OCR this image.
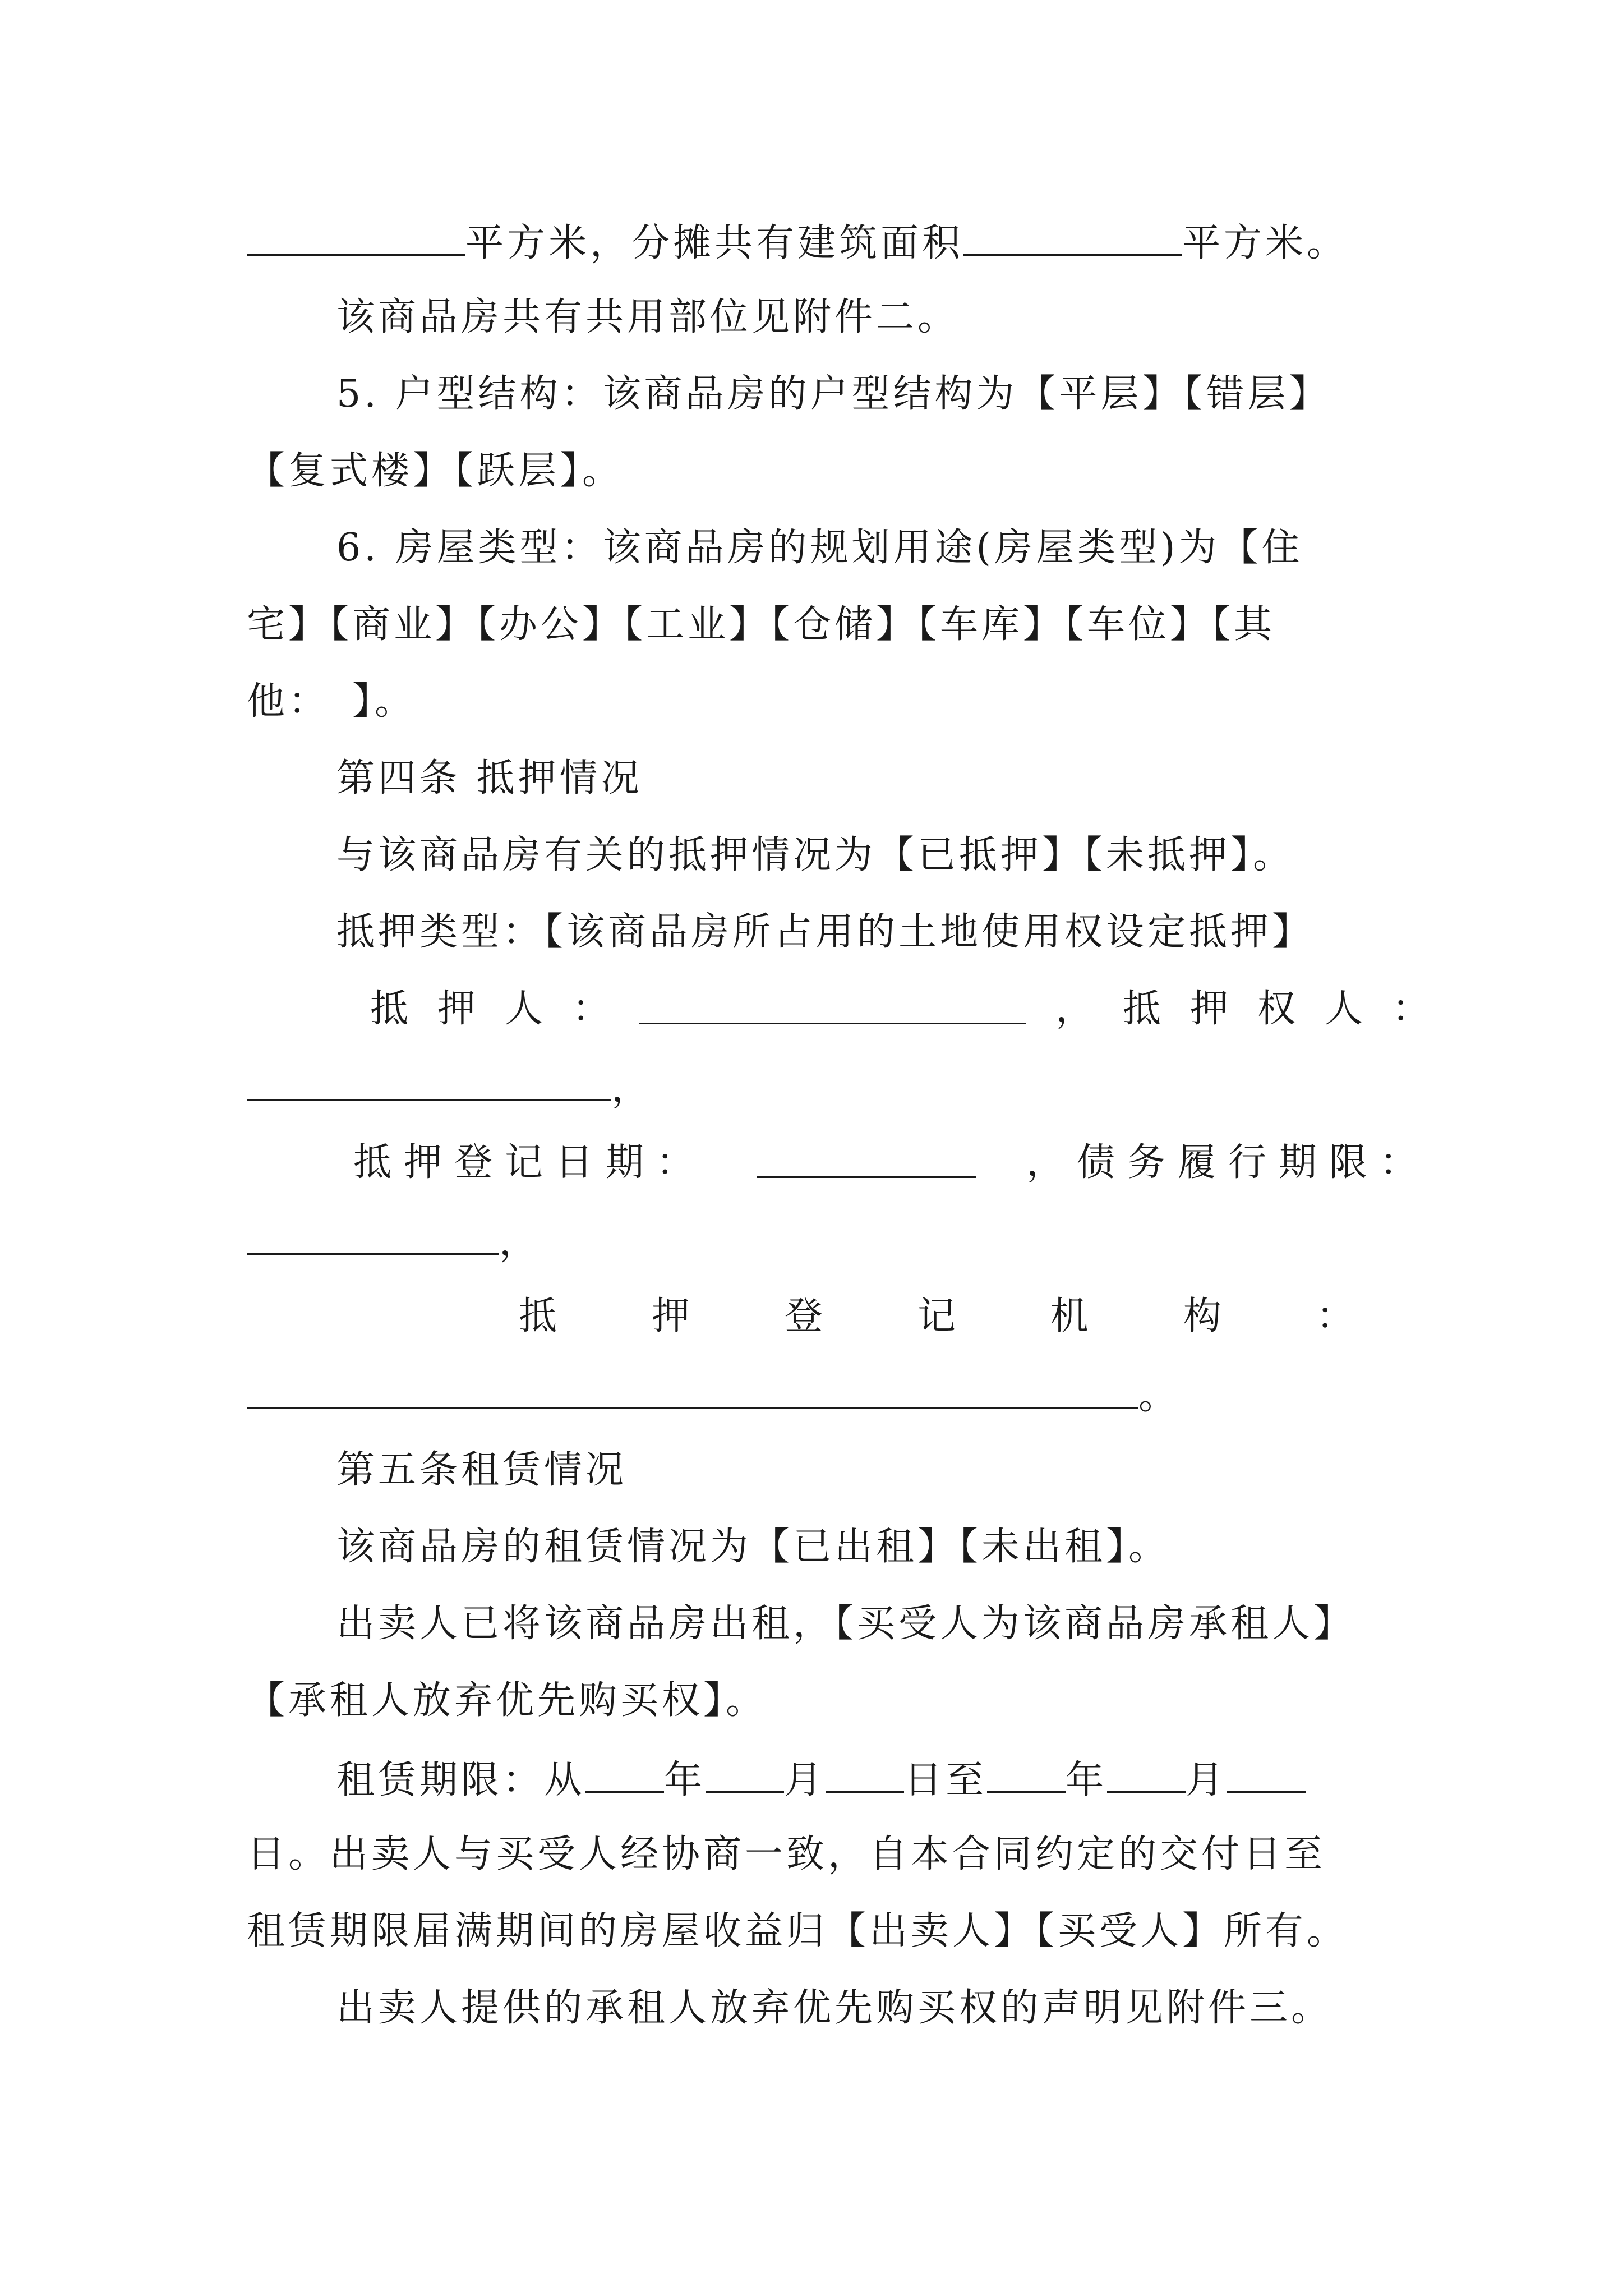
平方米，分摊共有建筑面积	平方米。
该商品房共有共用部位见附件二。
5. 户型结构：该商品房的户型结构为【平层】【错层】
【复式楼】【跃层】。
6. 房屋类型：该商品房的规划用途(房屋类型)为【住
宅】【商业】【办公】【工业】【仓储】【车库】【车位】【其
他：　】。
第四条 抵押情况
与该商品房有关的抵押情况为【已抵押】【未抵押】。
抵押类型：【该商品房所占用的土地使用权设定抵押】
抵 押 人 ：	， 抵 押 权 人 ：
，
抵押登记日期：	，债务履行期限：
，
抵 押 登 记 机 构 ：
。
第五条租赁情况
该商品房的租赁情况为【已出租】【未出租】。
出卖人已将该商品房出租，【买受人为该商品房承租人】
【承租人放弃优先购买权】。
租赁期限：从 年 月 日至 年 月
日。出卖人与买受人经协商一致，自本合同约定的交付日至
租赁期限届满期间的房屋收益归【出卖人】【买受人】所有。
出卖人提供的承租人放弃优先购买权的声明见附件三。
